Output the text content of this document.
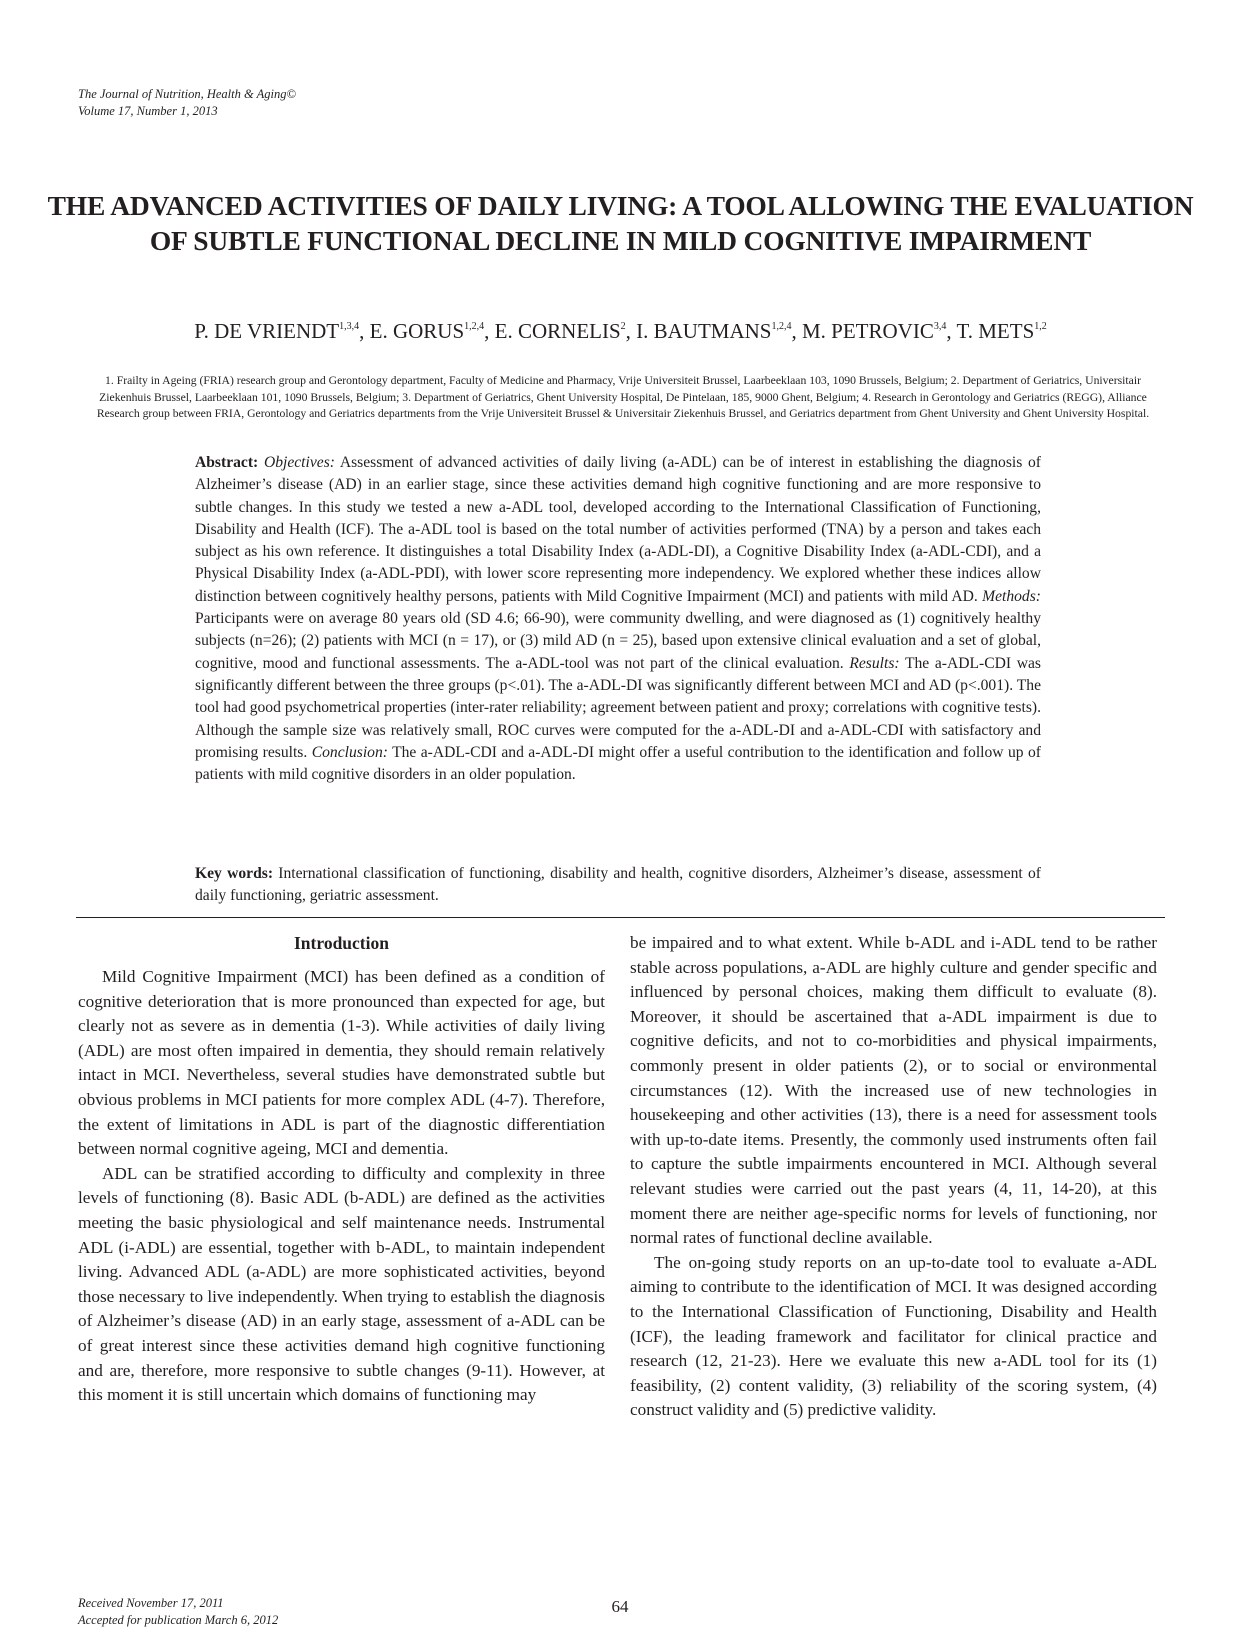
The Journal of Nutrition, Health & Aging©
Volume 17, Number 1, 2013
THE ADVANCED ACTIVITIES OF DAILY LIVING: A TOOL ALLOWING THE EVALUATION OF SUBTLE FUNCTIONAL DECLINE IN MILD COGNITIVE IMPAIRMENT
P. DE VRIENDT$^{1,3,4}$, E. GORUS$^{1,2,4}$, E. CORNELIS$^2$, I. BAUTMANS$^{1,2,4}$, M. PETROVIC$^{3,4}$, T. METS$^{1,2}$
1. Frailty in Ageing (FRIA) research group and Gerontology department, Faculty of Medicine and Pharmacy, Vrije Universiteit Brussel, Laarbeeklaan 103, 1090 Brussels, Belgium; 2. Department of Geriatrics, Universitair Ziekenhuis Brussel, Laarbeeklaan 101, 1090 Brussels, Belgium; 3. Department of Geriatrics, Ghent University Hospital, De Pintelaan, 185, 9000 Ghent, Belgium; 4. Research in Gerontology and Geriatrics (REGG), Alliance Research group between FRIA, Gerontology and Geriatrics departments from the Vrije Universiteit Brussel & Universitair Ziekenhuis Brussel, and Geriatrics department from Ghent University and Ghent University Hospital.
Abstract: Objectives: Assessment of advanced activities of daily living (a-ADL) can be of interest in establishing the diagnosis of Alzheimer’s disease (AD) in an earlier stage, since these activities demand high cognitive functioning and are more responsive to subtle changes. In this study we tested a new a-ADL tool, developed according to the International Classification of Functioning, Disability and Health (ICF). The a-ADL tool is based on the total number of activities performed (TNA) by a person and takes each subject as his own reference. It distinguishes a total Disability Index (a-ADL-DI), a Cognitive Disability Index (a-ADL-CDI), and a Physical Disability Index (a-ADL-PDI), with lower score representing more independency. We explored whether these indices allow distinction between cognitively healthy persons, patients with Mild Cognitive Impairment (MCI) and patients with mild AD. Methods: Participants were on average 80 years old (SD 4.6; 66-90), were community dwelling, and were diagnosed as (1) cognitively healthy subjects (n=26); (2) patients with MCI (n = 17), or (3) mild AD (n = 25), based upon extensive clinical evaluation and a set of global, cognitive, mood and functional assessments. The a-ADL-tool was not part of the clinical evaluation. Results: The a-ADL-CDI was significantly different between the three groups (p<.01). The a-ADL-DI was significantly different between MCI and AD (p<.001). The tool had good psychometrical properties (inter-rater reliability; agreement between patient and proxy; correlations with cognitive tests). Although the sample size was relatively small, ROC curves were computed for the a-ADL-DI and a-ADL-CDI with satisfactory and promising results. Conclusion: The a-ADL-CDI and a-ADL-DI might offer a useful contribution to the identification and follow up of patients with mild cognitive disorders in an older population.
Key words: International classification of functioning, disability and health, cognitive disorders, Alzheimer’s disease, assessment of daily functioning, geriatric assessment.
Introduction

Mild Cognitive Impairment (MCI) has been defined as a condition of cognitive deterioration that is more pronounced than expected for age, but clearly not as severe as in dementia (1-3). While activities of daily living (ADL) are most often impaired in dementia, they should remain relatively intact in MCI. Nevertheless, several studies have demonstrated subtle but obvious problems in MCI patients for more complex ADL (4-7). Therefore, the extent of limitations in ADL is part of the diagnostic differentiation between normal cognitive ageing, MCI and dementia.

ADL can be stratified according to difficulty and complexity in three levels of functioning (8). Basic ADL (b-ADL) are defined as the activities meeting the basic physiological and self maintenance needs. Instrumental ADL (i-ADL) are essential, together with b-ADL, to maintain independent living. Advanced ADL (a-ADL) are more sophisticated activities, beyond those necessary to live independently. When trying to establish the diagnosis of Alzheimer’s disease (AD) in an early stage, assessment of a-ADL can be of great interest since these activities demand high cognitive functioning and are, therefore, more responsive to subtle changes (9-11). However, at this moment it is still uncertain which domains of functioning may

be impaired and to what extent. While b-ADL and i-ADL tend to be rather stable across populations, a-ADL are highly culture and gender specific and influenced by personal choices, making them difficult to evaluate (8). Moreover, it should be ascertained that a-ADL impairment is due to cognitive deficits, and not to co-morbidities and physical impairments, commonly present in older patients (2), or to social or environmental circumstances (12). With the increased use of new technologies in housekeeping and other activities (13), there is a need for assessment tools with up-to-date items. Presently, the commonly used instruments often fail to capture the subtle impairments encountered in MCI. Although several relevant studies were carried out the past years (4, 11, 14-20), at this moment there are neither age-specific norms for levels of functioning, nor normal rates of functional decline available.

The on-going study reports on an up-to-date tool to evaluate a-ADL aiming to contribute to the identification of MCI. It was designed according to the International Classification of Functioning, Disability and Health (ICF), the leading framework and facilitator for clinical practice and research (12, 21-23). Here we evaluate this new a-ADL tool for its (1) feasibility, (2) content validity, (3) reliability of the scoring system, (4) construct validity and (5) predictive validity.

Received November 17, 2011
Accepted for publication March 6, 2012
64
